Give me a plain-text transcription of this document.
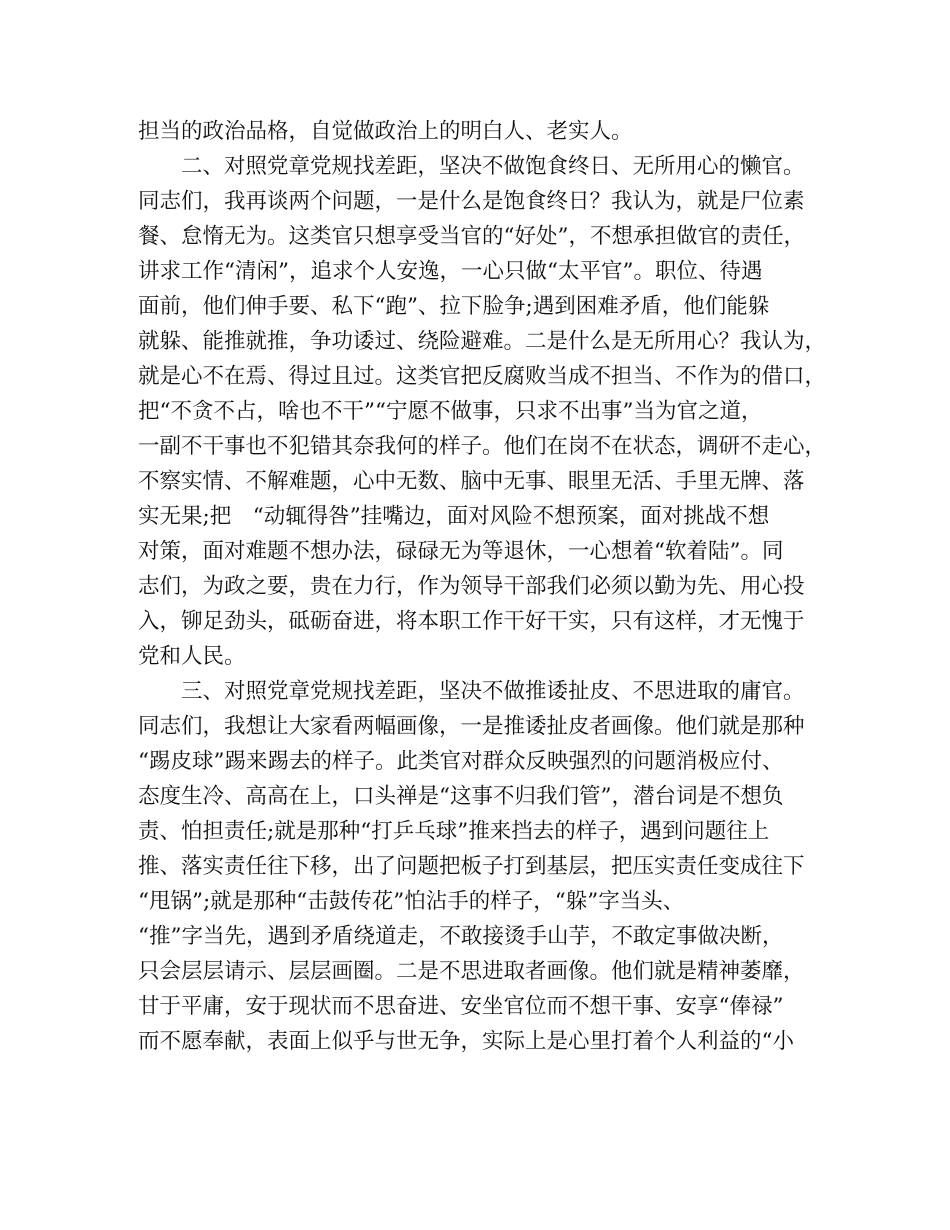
担当的政治品格，自觉做政治上的明白人、老实人。
　　二、对照党章党规找差距，坚决不做饱食终日、无所用心的懒官。
同志们，我再谈两个问题，一是什么是饱食终日？我认为，就是尸位素
餐、怠惰无为。这类官只想享受当官的“好处”，不想承担做官的责任，
讲求工作“清闲”，追求个人安逸，一心只做“太平官”。职位、待遇
面前，他们伸手要、私下“跑”、拉下脸争;遇到困难矛盾，他们能躲
就躲、能推就推，争功诿过、绕险避难。二是什么是无所用心？我认为，
就是心不在焉、得过且过。这类官把反腐败当成不担当、不作为的借口，
把“不贪不占，啥也不干”“宁愿不做事，只求不出事”当为官之道，
一副不干事也不犯错其奈我何的样子。他们在岗不在状态，调研不走心，
不察实情、不解难题，心中无数、脑中无事、眼里无活、手里无牌、落
实无果;把　“动辄得咎”挂嘴边，面对风险不想预案，面对挑战不想
对策，面对难题不想办法，碌碌无为等退休，一心想着“软着陆”。同
志们，为政之要，贵在力行，作为领导干部我们必须以勤为先、用心投
入，铆足劲头，砥砺奋进，将本职工作干好干实，只有这样，才无愧于
党和人民。
　　三、对照党章党规找差距，坚决不做推诿扯皮、不思进取的庸官。
同志们，我想让大家看两幅画像，一是推诿扯皮者画像。他们就是那种
“踢皮球”踢来踢去的样子。此类官对群众反映强烈的问题消极应付、
态度生冷、高高在上，口头禅是“这事不归我们管”，潜台词是不想负
责、怕担责任;就是那种“打乒乓球”推来挡去的样子，遇到问题往上
推、落实责任往下移，出了问题把板子打到基层，把压实责任变成往下
“甩锅”;就是那种“击鼓传花”怕沾手的样子，“躲”字当头、
“推”字当先，遇到矛盾绕道走，不敢接烫手山芋，不敢定事做决断，
只会层层请示、层层画圈。二是不思进取者画像。他们就是精神萎靡，
甘于平庸，安于现状而不思奋进、安坐官位而不想干事、安享“俸禄”
而不愿奉献，表面上似乎与世无争，实际上是心里打着个人利益的“小
